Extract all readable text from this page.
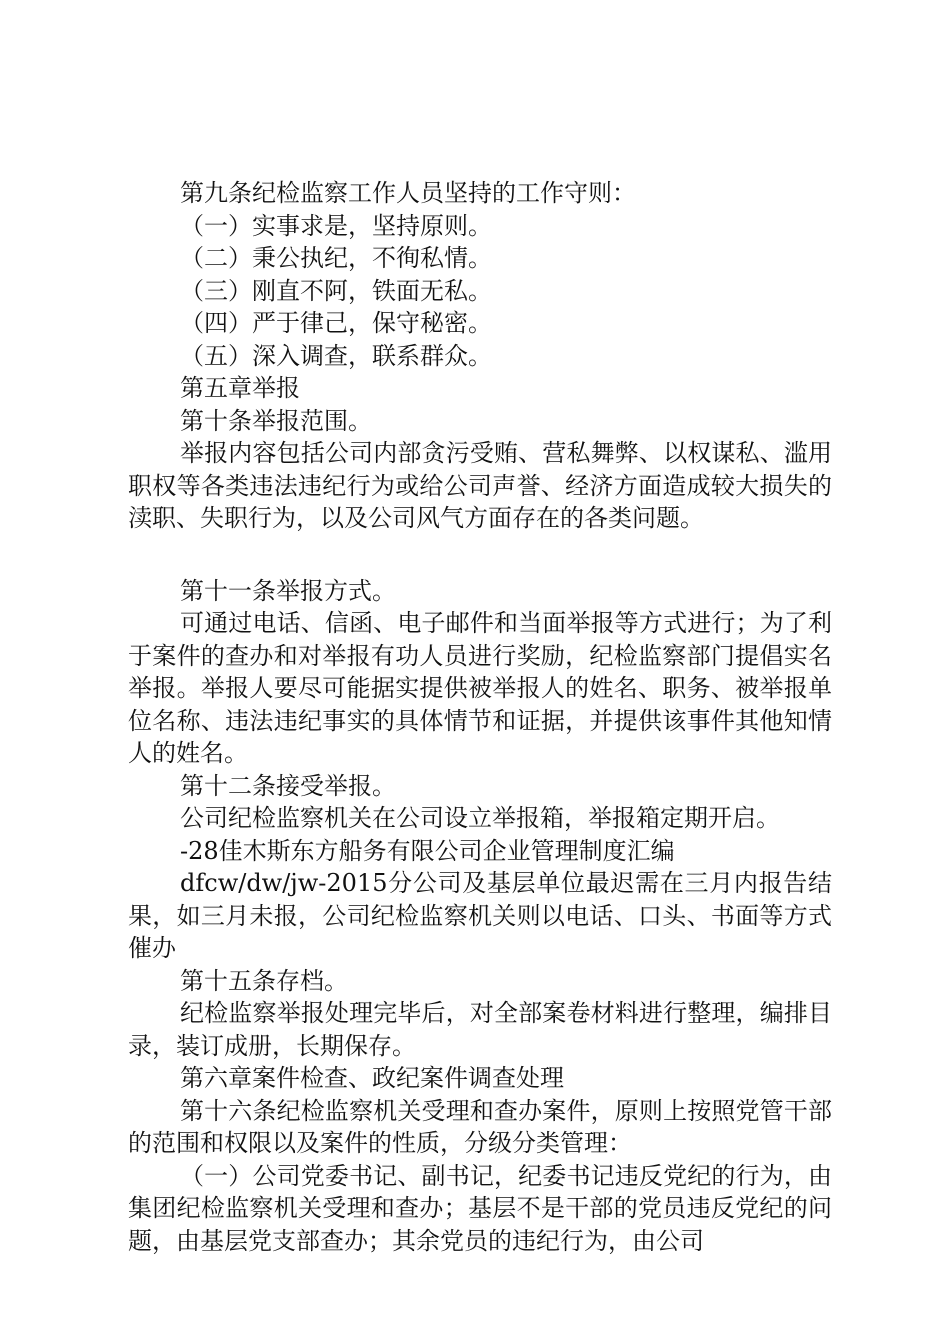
第九条纪检监察工作人员坚持的工作守则：

（一）实事求是，坚持原则。

（二）秉公执纪，不徇私情。

（三）刚直不阿，铁面无私。

（四）严于律己，保守秘密。

（五）深入调查，联系群众。

第五章举报

第十条举报范围。

举报内容包括公司内部贪污受贿、营私舞弊、以权谋私、滥用职权等各类违法违纪行为或给公司声誉、经济方面造成较大损失的渎职、失职行为，以及公司风气方面存在的各类问题。

第十一条举报方式。

可通过电话、信函、电子邮件和当面举报等方式进行；为了利于案件的查办和对举报有功人员进行奖励，纪检监察部门提倡实名举报。举报人要尽可能据实提供被举报人的姓名、职务、被举报单位名称、违法违纪事实的具体情节和证据，并提供该事件其他知情人的姓名。

第十二条接受举报。

公司纪检监察机关在公司设立举报箱，举报箱定期开启。

-28佳木斯东方船务有限公司企业管理制度汇编

dfcw/dw/jw-2015分公司及基层单位最迟需在三月内报告结果，如三月未报，公司纪检监察机关则以电话、口头、书面等方式催办

第十五条存档。

纪检监察举报处理完毕后，对全部案卷材料进行整理，编排目录，装订成册，长期保存。

第六章案件检查、政纪案件调查处理

第十六条纪检监察机关受理和查办案件，原则上按照党管干部的范围和权限以及案件的性质，分级分类管理：

（一）公司党委书记、副书记，纪委书记违反党纪的行为，由集团纪检监察机关受理和查办；基层不是干部的党员违反党纪的问题，由基层党支部查办；其余党员的违纪行为，由公司
